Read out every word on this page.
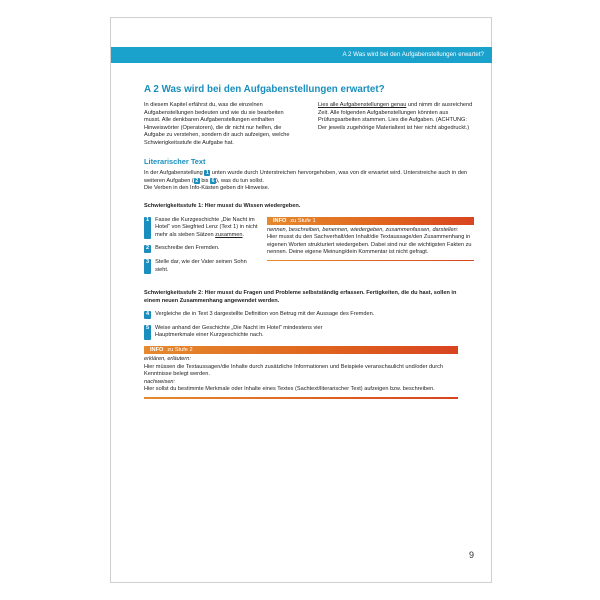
A 2 Was wird bei den Aufgabenstellungen erwartet?
A 2 Was wird bei den Aufgabenstellungen erwartet?
In diesem Kapitel erfährst du, was die einzelnen Aufgabenstellungen bedeuten und wie du sie bearbeiten musst. Alle denkbaren Aufgabenstellungen enthalten Hinweiswörter (Operatoren), die dir nicht nur helfen, die Aufgabe zu verstehen, sondern dir auch aufzeigen, welche Schwierigkeitsstufe die Aufgabe hat.
Lies alle Aufgabenstellungen genau und nimm dir ausreichend Zeit. Alle folgenden Aufgabenstellungen könnten aus Prüfungsarbeiten stammen. Lies die Aufgaben. (ACHTUNG: Der jeweils zugehörige Materialtext ist hier nicht abgedruckt.)
Literarischer Text
In der Aufgabenstellung 1 unten wurde durch Unterstreichen hervorgehoben, was von dir erwartet wird. Unterstreiche auch in den weiteren Aufgaben ( 2 bis 6 ), was du tun sollst.
Die Verben in den Info-Kästen geben dir Hinweise.
Schwierigkeitsstufe 1: Hier musst du Wissen wiedergeben.
1	Fasse die Kurzgeschichte „Die Nacht im Hotel“ von Siegfried Lenz (Text 1) in nicht mehr als sieben Sätzen zusammen.
2	Beschreibe den Fremden.
3	Stelle dar, wie der Vater seinen Sohn sieht.
INFO zu Stufe 1
nennen, beschreiben, benennen, wiedergeben, zusammenfassen, darstellen:
Hier musst du den Sachverhalt/den Inhalt/die Textaussage/den Zusammenhang in eigenen Worten strukturiert wiedergeben. Dabei sind nur die wichtigsten Fakten zu nennen. Deine eigene Meinung/dein Kommentar ist nicht gefragt.
Schwierigkeitsstufe 2: Hier musst du Fragen und Probleme selbstständig erfassen. Fertigkeiten, die du hast, sollen in einem neuen Zusammenhang angewendet werden.
4	Vergleiche die in Text 3 dargestellte Definition von Betrug mit der Aussage des Fremden.
5	Weise anhand der Geschichte „Die Nacht im Hotel“ mindestens vier Hauptmerkmale einer Kurzgeschichte nach.
INFO zu Stufe 2
erklären, erläutern:
Hier müssen die Textaussagen/die Inhalte durch zusätzliche Informationen und Beispiele veranschaulicht und/oder durch Kenntnisse belegt werden.
nachweisen:
Hier sollst du bestimmte Merkmale oder Inhalte eines Textes (Sachtext/literarischer Text) aufzeigen bzw. beschreiben.
9
